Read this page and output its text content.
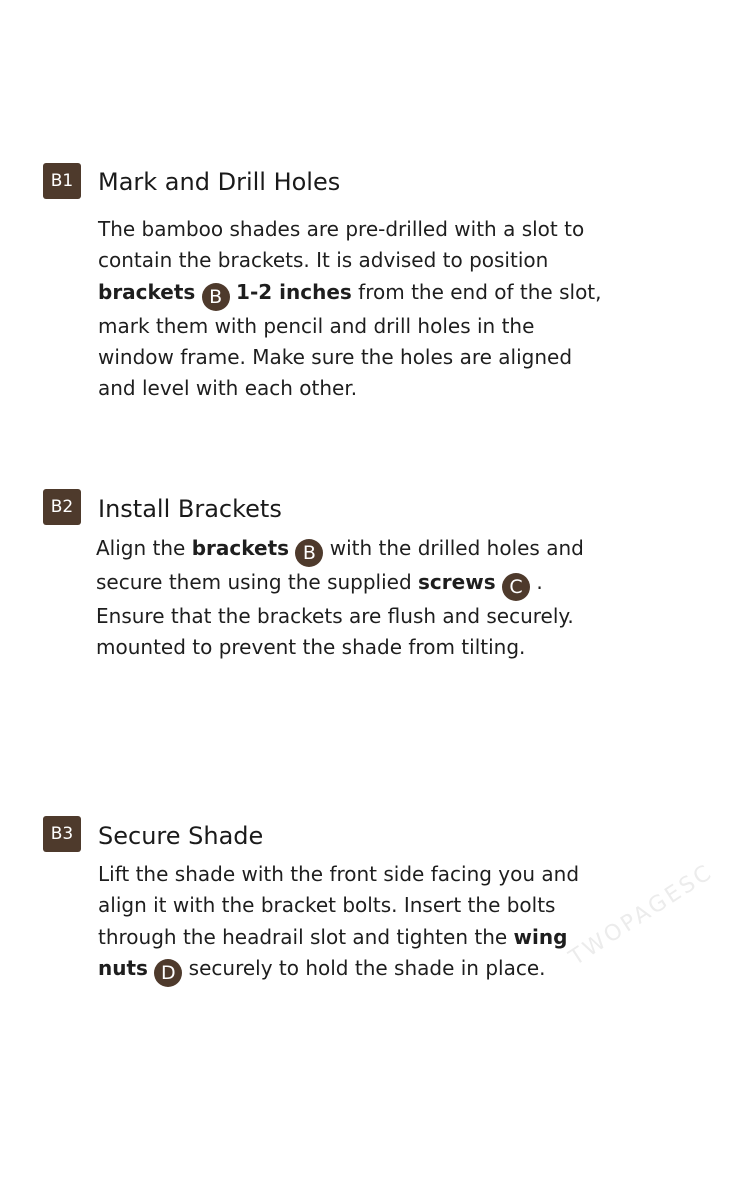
TWOPAGESC
B1	Mark and Drill Holes
The bamboo shades are pre-drilled with a slot to
contain the brackets. It is advised to position
brackets B 1-2 inches from the end of the slot,
mark them with pencil and drill holes in the
window frame. Make sure the holes are aligned
and level with each other.
B2	Install Brackets
Align the brackets B with the drilled holes and
secure them using the supplied screws C .
Ensure that the brackets are flush and securely.
mounted to prevent the shade from tilting.
B3	Secure Shade
Lift the shade with the front side facing you and
align it with the bracket bolts. Insert the bolts
through the headrail slot and tighten the wing
nuts D securely to hold the shade in place.
